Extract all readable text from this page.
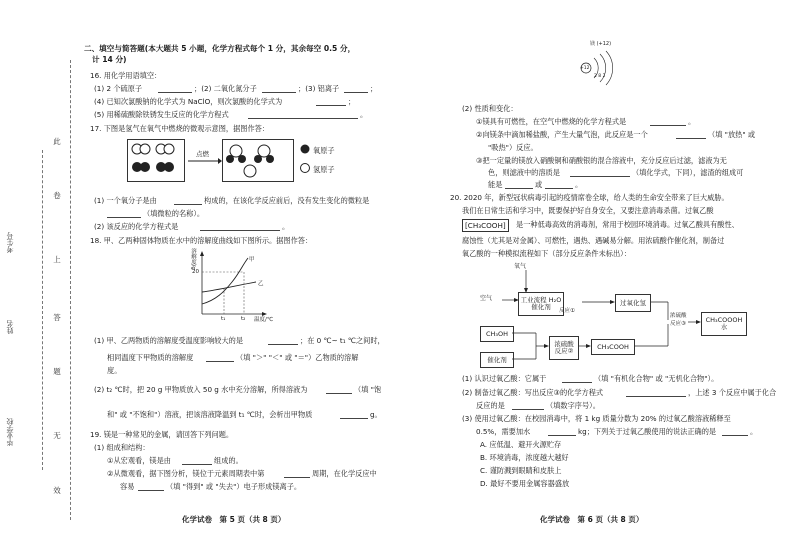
毕业学校
姓名
考生号
此
卷
上
答
题
无
效
二、填空与简答题(本大题共 5 小题，化学方程式每个 1 分，其余每空 0.5 分，
计 14 分)
16. 用化学用语填空：
(1) 2 个硫原子	；(2) 二氧化氮分子	；(3) 铝离子	；
(4) 已知次氯酸钠的化学式为 NaClO，则次氯酸的化学式为	；
(5) 用稀硫酸除铁锈发生反应的化学方程式	。
17. 下图是氢气在氧气中燃烧的微观示意图，据图作答：
点燃	氧原子
氢原子
(1) 一个氧分子是由	构成的，在该化学反应前后，没有发生变化的微粒是
（填微粒的名称）。
(2) 该反应的化学方程式是	。
18. 甲、乙两种固体物质在水中的溶解度曲线如下图所示。据图作答：
溶解度/g
20
甲
乙
t₁	t₂ 温度/℃
(1) 甲、乙两物质的溶解度受温度影响较大的是	；在 0 ℃~ t₁ ℃之间时，
相同温度下甲物质的溶解度	（填 "＞" "＜" 或 "＝"）乙物质的溶解
度。
(2) t₂ ℃时，把 20 g 甲物质放入 50 g 水中充分溶解，所得溶液为	（填 "饱
和" 或 "不饱和"）溶液，把该溶液降温到 t₁ ℃时，会析出甲物质	g。
19. 镁是一种常见的金属，请回答下列问题。
(1) 组成和结构：
①从宏观看，镁是由	组成的。
②从微观看，据下图分析，镁位于元素周期表中第	周期，在化学反应中
容易	（填 "得到" 或 "失去"）电子形成镁离子。
化学试卷　第 5 页（共 8 页）
镁 (+12)
+12
2 8 2
(2) 性质和变化：
①镁具有可燃性，在空气中燃烧的化学方程式是	。
②向镁条中滴加稀盐酸，产生大量气泡，此反应是一个	（填 "放热" 或
"吸热"）反应。
③把一定量的镁放入硝酸铜和硝酸银的混合溶液中，充分反应后过滤，滤液为无
色，则滤液中的溶质是	（填化学式，下同），滤渣的组成可
能是	或	。
20. 2020 年，新型冠状病毒引起的疫情席卷全球，给人类的生命安全带来了巨大威胁。
我们在日常生活和学习中，既要保护好自身安全，又要注意消毒杀菌。过氧乙酸
[CH₃COOH]	是一种低毒高效的消毒剂，常用于校园环境消毒。过氧乙酸具有酸性、
腐蚀性（尤其是对金属）、可燃性，遇热、遇碱易分解。用浓硫酸作催化剂，制备过
氧乙酸的一种模拟流程如下（部分反应条件未标出）：
氧气
空气	工业流程 H₂O催化剂	反应①
过氧化氢
CH₃OH
催化剂
浓硫酸 反应②
CH₃COOH
浓硫酸 反应③	CH₃COOOH 水
(1) 认识过氧乙酸：它属于	（填 "有机化合物" 或 "无机化合物"）。
(2) 制备过氧乙酸：写出反应③的化学方程式	，上述 3 个反应中属于化合
反应的是	（填数字序号）。
(3) 使用过氧乙酸：在校园消毒中，将 1 kg 质量分数为 20% 的过氧乙酸溶液稀释至
0.5%，需要加水	kg；下列关于过氧乙酸使用的说法正确的是	。
A. 应低温、避开火源贮存
B. 环境消毒，浓度越大越好
C. 谨防溅到眼睛和皮肤上
D. 最好不要用金属容器盛放
化学试卷　第 6 页（共 8 页）
